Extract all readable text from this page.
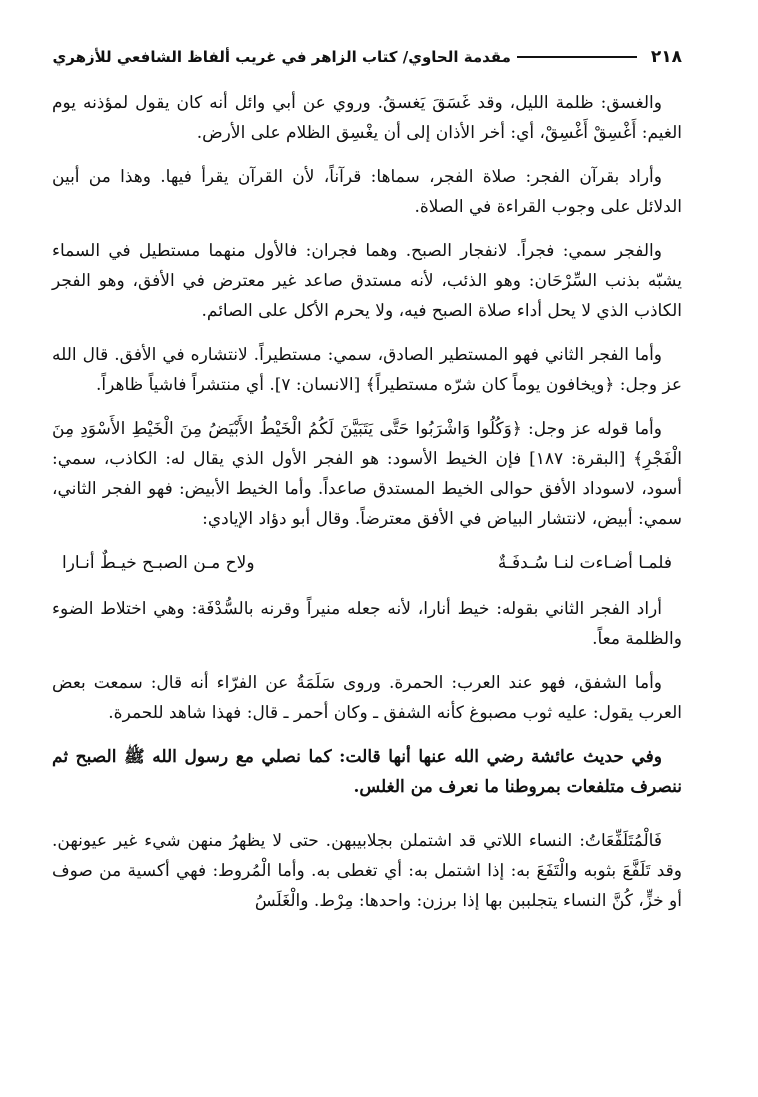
٢١٨
مقدمة الحاوي/ كتاب الزاهر في غريب ألفاظ الشافعي للأزهري

والغسق: ظلمة الليل، وقد غَسَقَ يَغسقُ. وروي عن أبي وائل أنه كان يقول لمؤذنه يوم الغيم: أَغْسِقْ أَغْسِقْ، أي: أخر الأذان إلى أن يغْسِق الظلام على الأرض.

وأراد بقرآن الفجر: صلاة الفجر، سماها: قرآناً، لأن القرآن يقرأ فيها. وهذا من أبين الدلائل على وجوب القراءة في الصلاة.

والفجر سمي: فجراً. لانفجار الصبح. وهما فجران: فالأول منهما مستطيل في السماء يشبّه بذنب السِّرْحَان: وهو الذئب، لأنه مستدق صاعد غير معترض في الأفق، وهو الفجر الكاذب الذي لا يحل أداء صلاة الصبح فيه، ولا يحرم الأكل على الصائم.

وأما الفجر الثاني فهو المستطير الصادق، سمي: مستطيراً. لانتشاره في الأفق. قال الله عز وجل: ﴿ويخافون يوماً كان شرّه مستطيراً﴾ [الانسان: ٧]. أي منتشراً فاشياً ظاهراً.

وأما قوله عز وجل: ﴿وَكُلُوا وَاشْرَبُوا حَتَّى يَتَبَيَّنَ لَكُمُ الْخَيْطُ الأَبْيَضُ مِنَ الْخَيْطِ الأَسْوَدِ مِنَ الْفَجْرِ﴾ [البقرة: ١٨٧] فإن الخيط الأسود: هو الفجر الأول الذي يقال له: الكاذب، سمي: أسود، لاسوداد الأفق حوالى الخيط المستدق صاعداً. وأما الخيط الأبيض: فهو الفجر الثاني، سمي: أبيض، لانتشار البياض في الأفق معترضاً. وقال أبو دؤاد الإيادي:

فلمـا أضـاءت لنـا سُـدفَـةٌ
ولاح مـن الصبـح خيـطٌ أنـارا

أراد الفجر الثاني بقوله: خيط أنارا، لأنه جعله منيراً وقرنه بالسُّدْفَة: وهي اختلاط الضوء والظلمة معاً.

وأما الشفق، فهو عند العرب: الحمرة. وروى سَلَمَةُ عن الفرّاء أنه قال: سمعت بعض العرب يقول: عليه ثوب مصبوغ كأنه الشفق ـ وكان أحمر ـ قال: فهذا شاهد للحمرة.

وفي حديث عائشة رضي الله عنها أنها قالت: كما نصلي مع رسول الله ﷺ الصبح ثم ننصرف متلفعات بمروطنا ما نعرف من الغلس.

فَالْمُتَلَفِّعَاتُ: النساء اللاتي قد اشتملن بجلابيبهن. حتى لا يظهرُ منهن شيء غير عيونهن. وقد تَلَفَّعَ بثوبه والْتَفَعَ به: إذا اشتمل به: أي تغطى به. وأما الْمُروط: فهي أكسية من صوف أو خزٍّ، كُنَّ النساء يتجلببن بها إذا برزن: واحدها: مِرْط. والْغَلَسُ
